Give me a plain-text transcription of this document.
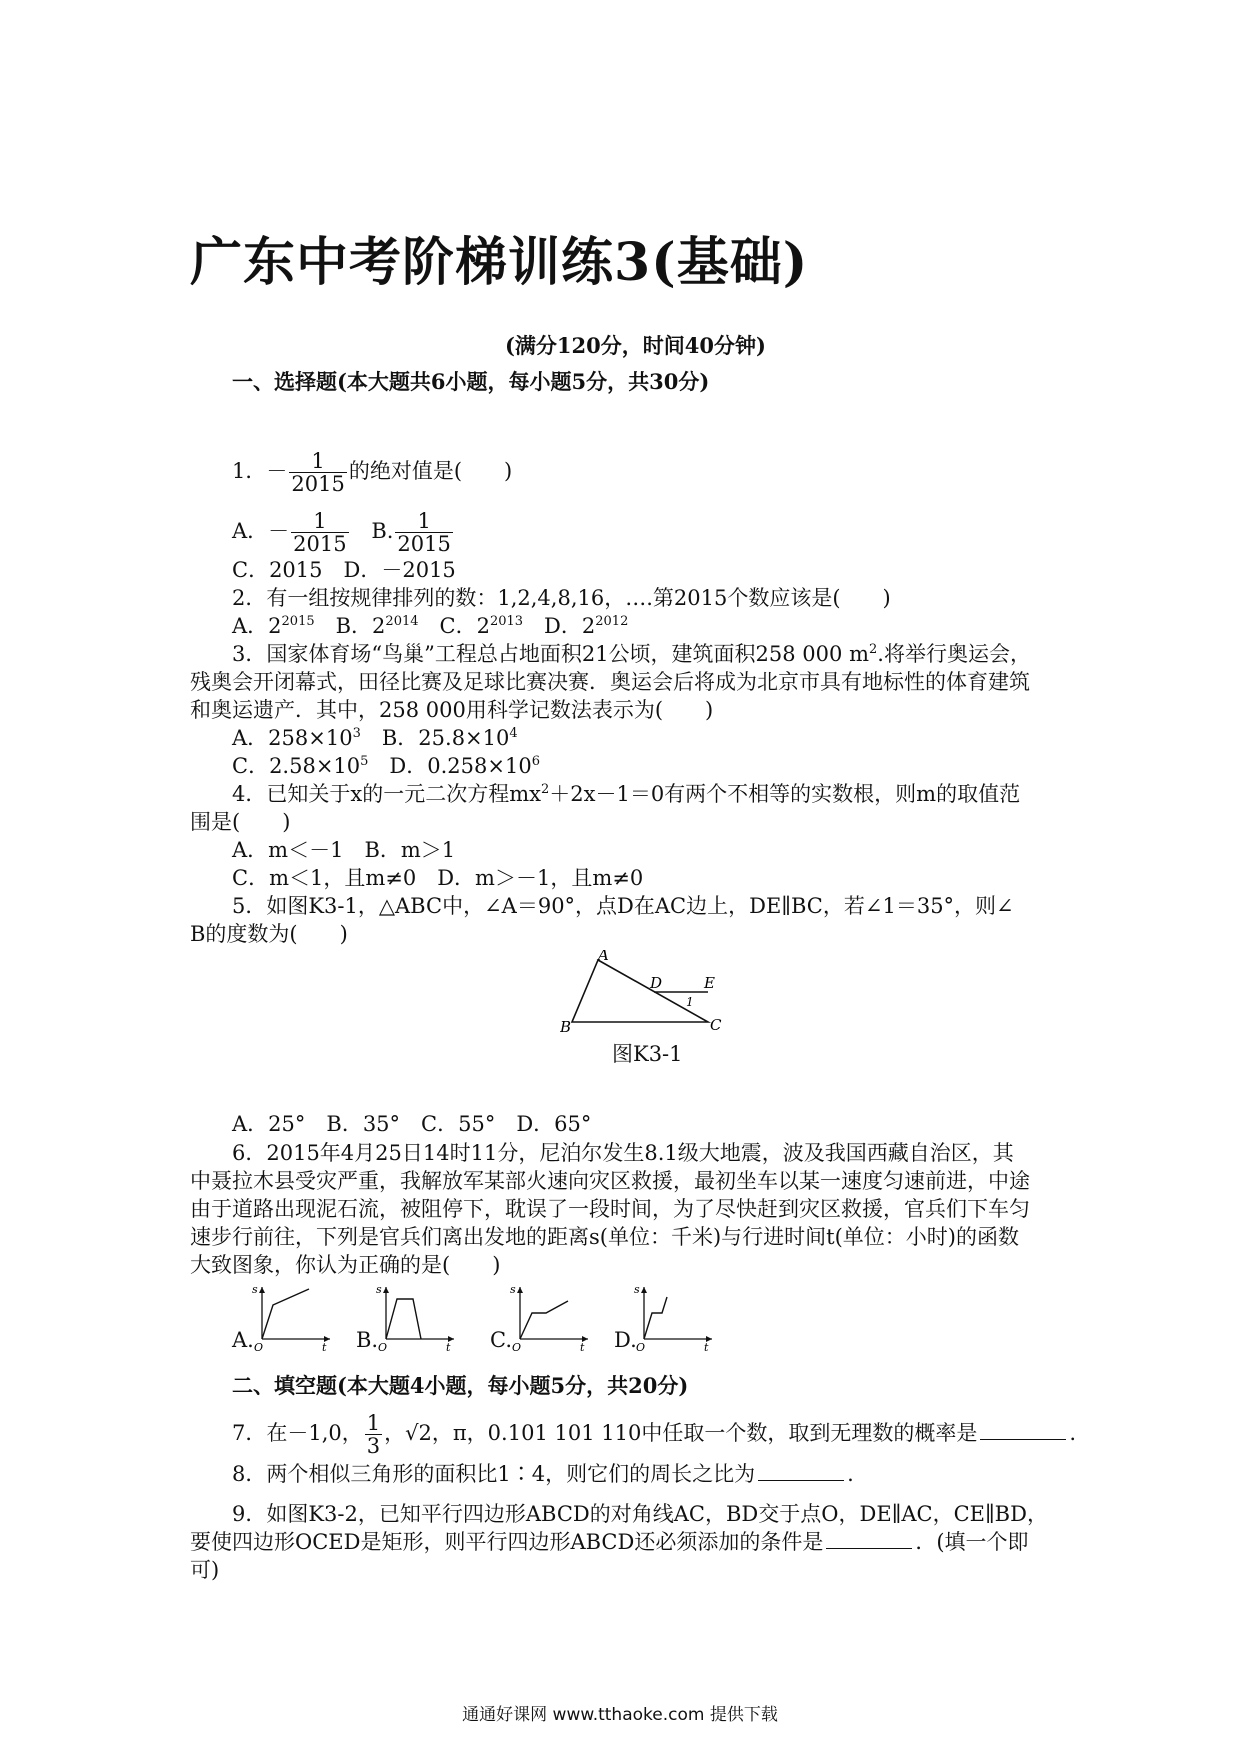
广东中考阶梯训练3(基础)
(满分120分，时间40分钟)
一、选择题(本大题共6小题，每小题5分，共30分)
1．－ $\frac{1}{2015}$ 的绝对值是(　　)
A．－ $\frac{1}{2015} B$. $\frac{1}{2015}$
C．2015　D．－2015
2．有一组按规律排列的数：1,2,4,8,16，….第2015个数应该是(　　)
A．$2^{2015}$　B．$2^{2014}$　C．$2^{2013}$　D．$2^{2012}$
3．国家体育场“鸟巢”工程总占地面积21公顷，建筑面积258 000 $m^2$.将举行奥运会，
残奥会开闭幕式，田径比赛及足球比赛决赛．奥运会后将成为北京市具有地标性的体育建筑
和奥运遗产．其中，258 000用科学记数法表示为(　　)
A．$258\times 10^3$　B．$25.8\times 10^4$
C．$2.58\times 10^5$　D．$0.258\times 10^6$
4．已知关于x的一元二次方程$mx^2+2x-1=0$有两个不相等的实数根，则m的取值范
围是(　　)
A．m＜－1　B．m＞1
C．m＜1，且m≠0　D．m＞－1，且m≠0
5．如图K3-1，△ABC中，∠A＝90°，点D在AC边上，DE∥BC，若∠1＝35°，则∠
B的度数为(　　)
A
B	C
D	E
1
图K3-1
A．25°　B．35°　C．55°　D．65°
6．2015年4月25日14时11分，尼泊尔发生8.1级大地震，波及我国西藏自治区，其
中聂拉木县受灾严重，我解放军某部火速向灾区救援，最初坐车以某一速度匀速前进，中途
由于道路出现泥石流，被阻停下，耽误了一段时间，为了尽快赶到灾区救援，官兵们下车匀
速步行前往，下列是官兵们离出发地的距离s(单位：千米)与行进时间t(单位：小时)的函数
大致图象，你认为正确的是(　　)
A.
s
t
O	B.
s
t
O	C.
s
t
O	D.
s
t
O
二、填空题(本大题4小题，每小题5分，共20分)
7．在－1,0， $\frac{1}{3}$ ，√2，π，0.101 101 110中任取一个数，取到无理数的概率是	.
8．两个相似三角形的面积比1∶4，则它们的周长之比为	.
9．如图K3-2，已知平行四边形ABCD的对角线AC，BD交于点O，DE∥AC，CE∥BD，
要使四边形OCED是矩形，则平行四边形ABCD还必须添加的条件是	．(填一个即
可)
通通好课网 www.tthaoke.com 提供下载
